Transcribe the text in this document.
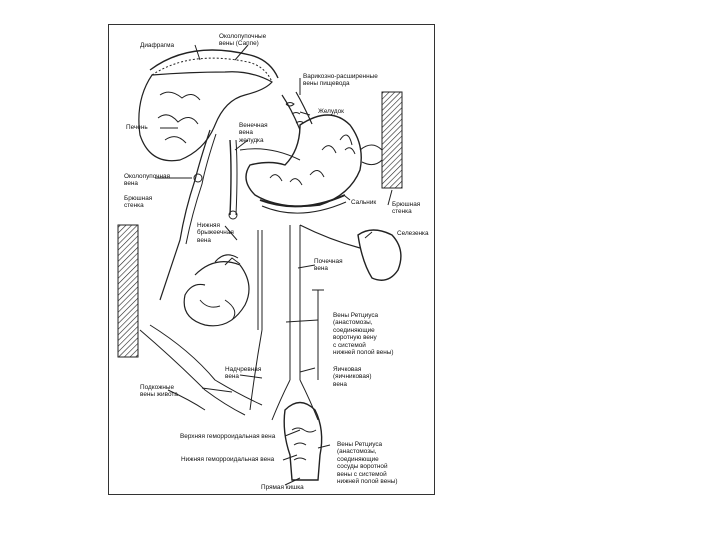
Диафрагма
Околопупочные
вены (Саппе)
Варикозно-расширенные
вены пищевода
Желудок
Печень	Венечная
вена
желудка
Околопупочная
вена
Брюшная
стенка	Сальник Брюшная
стенка
Нижняя
брыжеечная
вена
Селезенка
Почечная
вена
Вены Ретциуса
(анастомозы,
соединяющие
воротную вену
с системой
нижней полой вены)
Надчревная
вена
Подкожные
вены живота
Яичковая
(яичниковая)
вена
Верхняя геморроидальная вена
Вены Ретциуса
(анастомозы,
соединяющие
сосуды воротной
вены с системой
нижней полой вены)
Нижняя геморроидальная вена
Прямая кишка
